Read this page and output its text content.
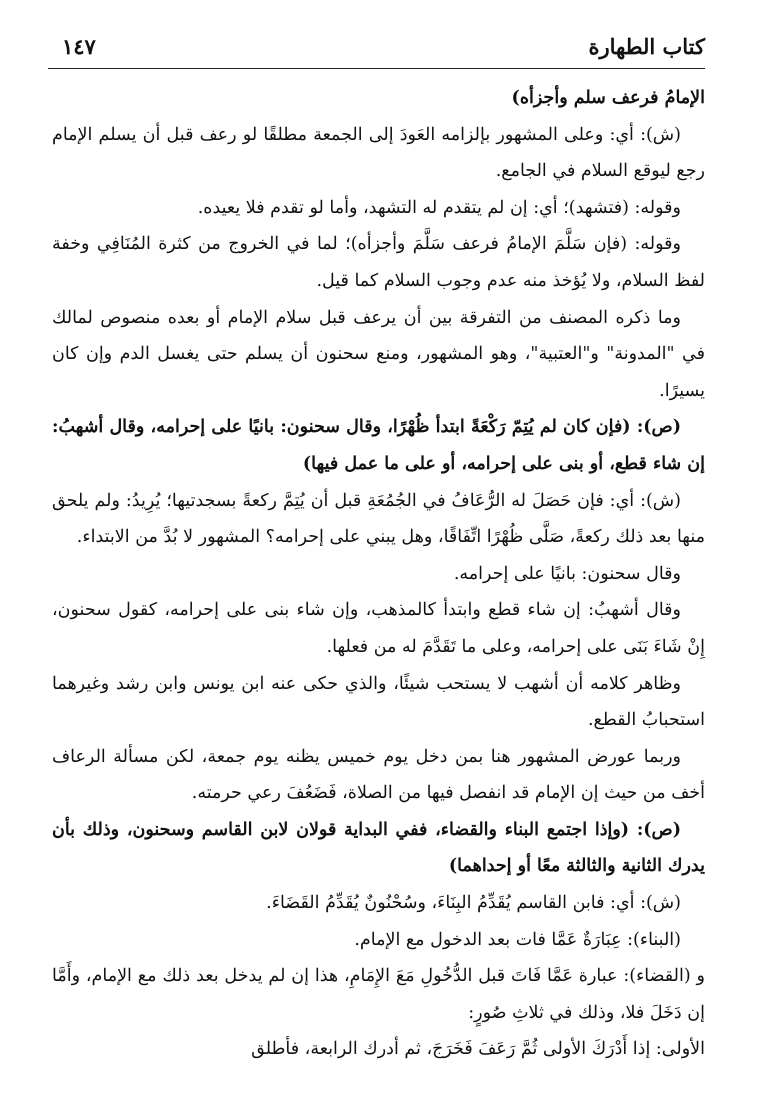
١٤٧	كتاب الطهارة

الإمامُ فرعف سلم وأجزأه)

(ش): أي: وعلى المشهور بإلزامه العَودَ إلى الجمعة مطلقًا لو رعف قبل أن يسلم الإمام رجع ليوقع السلام في الجامع.

وقوله: (فتشهد)؛ أي: إن لم يتقدم له التشهد، وأما لو تقدم فلا يعيده.

وقوله: (فإن سَلَّمَ الإمامُ فرعف سَلَّمَ وأجزأه)؛ لما في الخروج من كثرة المُنَافِي وخفة لفظ السلام، ولا يُؤخذ منه عدم وجوب السلام كما قيل.

وما ذكره المصنف من التفرقة بين أن يرعف قبل سلام الإمام أو بعده منصوص لمالك في "المدونة" و"العتبية"، وهو المشهور، ومنع سحنون أن يسلم حتى يغسل الدم وإن كان يسيرًا.

(ص): (فإن كان لم يُتِمّ رَكْعَةً ابتدأ ظُهْرًا، وقال سحنون: بانيًا على إحرامه، وقال أشهبُ: إن شاء قطع، أو بنى على إحرامه، أو على ما عمل فيها)

(ش): أي: فإن حَصَلَ له الرُّعَافُ في الجُمُعَةِ قبل أن يُتِمَّ ركعةً بسجدتيها؛ يُرِيدُ: ولم يلحق منها بعد ذلك ركعةً، صَلَّى ظُهْرًا اتِّفَاقًا، وهل يبني على إحرامه؟ المشهور لا بُدَّ من الابتداء.

وقال سحنون: بانيًا على إحرامه.

وقال أشهبُ: إن شاء قطع وابتدأ كالمذهب، وإن شاء بنى على إحرامه، كقول سحنون، إِنْ شَاءَ بَنَى على إحرامه، وعلى ما تَقَدَّمَ له من فعلها.

وظاهر كلامه أن أشهب لا يستحب شيئًا، والذي حكى عنه ابن يونس وابن رشد وغيرهما استحبابُ القطع.

وربما عورض المشهور هنا بمن دخل يوم خميس يظنه يوم جمعة، لكن مسألة الرعاف أخف من حيث إن الإمام قد انفصل فيها من الصلاة، فَضَعُفَ رعي حرمته.

(ص): (وإذا اجتمع البناء والقضاء، ففي البداية قولان لابن القاسم وسحنون، وذلك بأن يدرك الثانية والثالثة معًا أو إحداهما)

(ش): أي: فابن القاسم يُقَدِّمُ البِنَاءَ، وسُحْنُونٌ يُقَدِّمُ القَضَاءَ.

(البناء): عِبَارَةٌ عَمَّا فات بعد الدخول مع الإمام.

و (القضاء): عبارة عَمَّا فَاتَ قبل الدُّخُولِ مَعَ الإِمَامِ، هذا إن لم يدخل بعد ذلك مع الإمام، وأَمَّا إن دَخَلَ فلا، وذلك في ثلاثِ صُورٍ:

الأولى: إذا أَدْرَكَ الأولى ثُمَّ رَعَفَ فَخَرَجَ، ثم أدرك الرابعة، فأطلق
